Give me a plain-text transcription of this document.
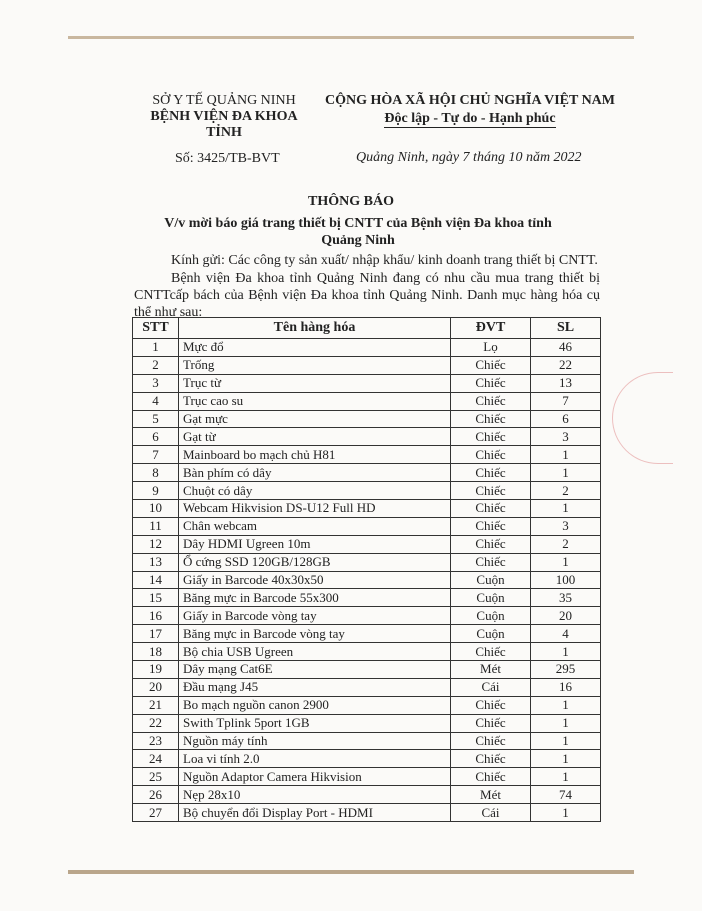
SỞ Y TẾ QUẢNG NINH
BỆNH VIỆN ĐA KHOA TỈNH
CỘNG HÒA XÃ HỘI CHỦ NGHĨA VIỆT NAM
Độc lập - Tự do - Hạnh phúc
Số: 3425/TB-BVT	Quảng Ninh, ngày 7 tháng 10 năm 2022
THÔNG BÁO
V/v mời báo giá trang thiết bị CNTT của Bệnh viện Đa khoa tỉnh Quảng Ninh
Kính gửi: Các công ty sản xuất/ nhập khẩu/ kinh doanh trang thiết bị CNTT.
Bệnh viện Đa khoa tỉnh Quảng Ninh đang có nhu cầu mua trang thiết bị CNTTcấp bách của Bệnh viện Đa khoa tỉnh Quảng Ninh. Danh mục hàng hóa cụ thể như sau:
STT	Tên hàng hóa	ĐVT	SL
1	Mực đổ	Lọ	46
2	Trống	Chiếc	22
3	Trục từ	Chiếc	13
4	Trục cao su	Chiếc	7
5	Gạt mực	Chiếc	6
6	Gạt từ	Chiếc	3
7	Mainboard bo mạch chủ H81	Chiếc	1
8	Bàn phím có dây	Chiếc	1
9	Chuột có dây	Chiếc	2
10	Webcam Hikvision DS-U12 Full HD	Chiếc	1
11	Chân webcam	Chiếc	3
12	Dây HDMI Ugreen 10m	Chiếc	2
13	Ổ cứng SSD 120GB/128GB	Chiếc	1
14	Giấy in Barcode 40x30x50	Cuộn	100
15	Băng mực in Barcode 55x300	Cuộn	35
16	Giấy in Barcode vòng tay	Cuộn	20
17	Băng mực in Barcode vòng tay	Cuộn	4
18	Bộ chia USB Ugreen	Chiếc	1
19	Dây mạng Cat6E	Mét	295
20	Đầu mạng J45	Cái	16
21	Bo mạch nguồn canon 2900	Chiếc	1
22	Swith Tplink 5port 1GB	Chiếc	1
23	Nguồn máy tính	Chiếc	1
24	Loa vi tính 2.0	Chiếc	1
25	Nguồn Adaptor Camera Hikvision	Chiếc	1
26	Nẹp 28x10	Mét	74
27	Bộ chuyển đổi Display Port - HDMI	Cái	1
